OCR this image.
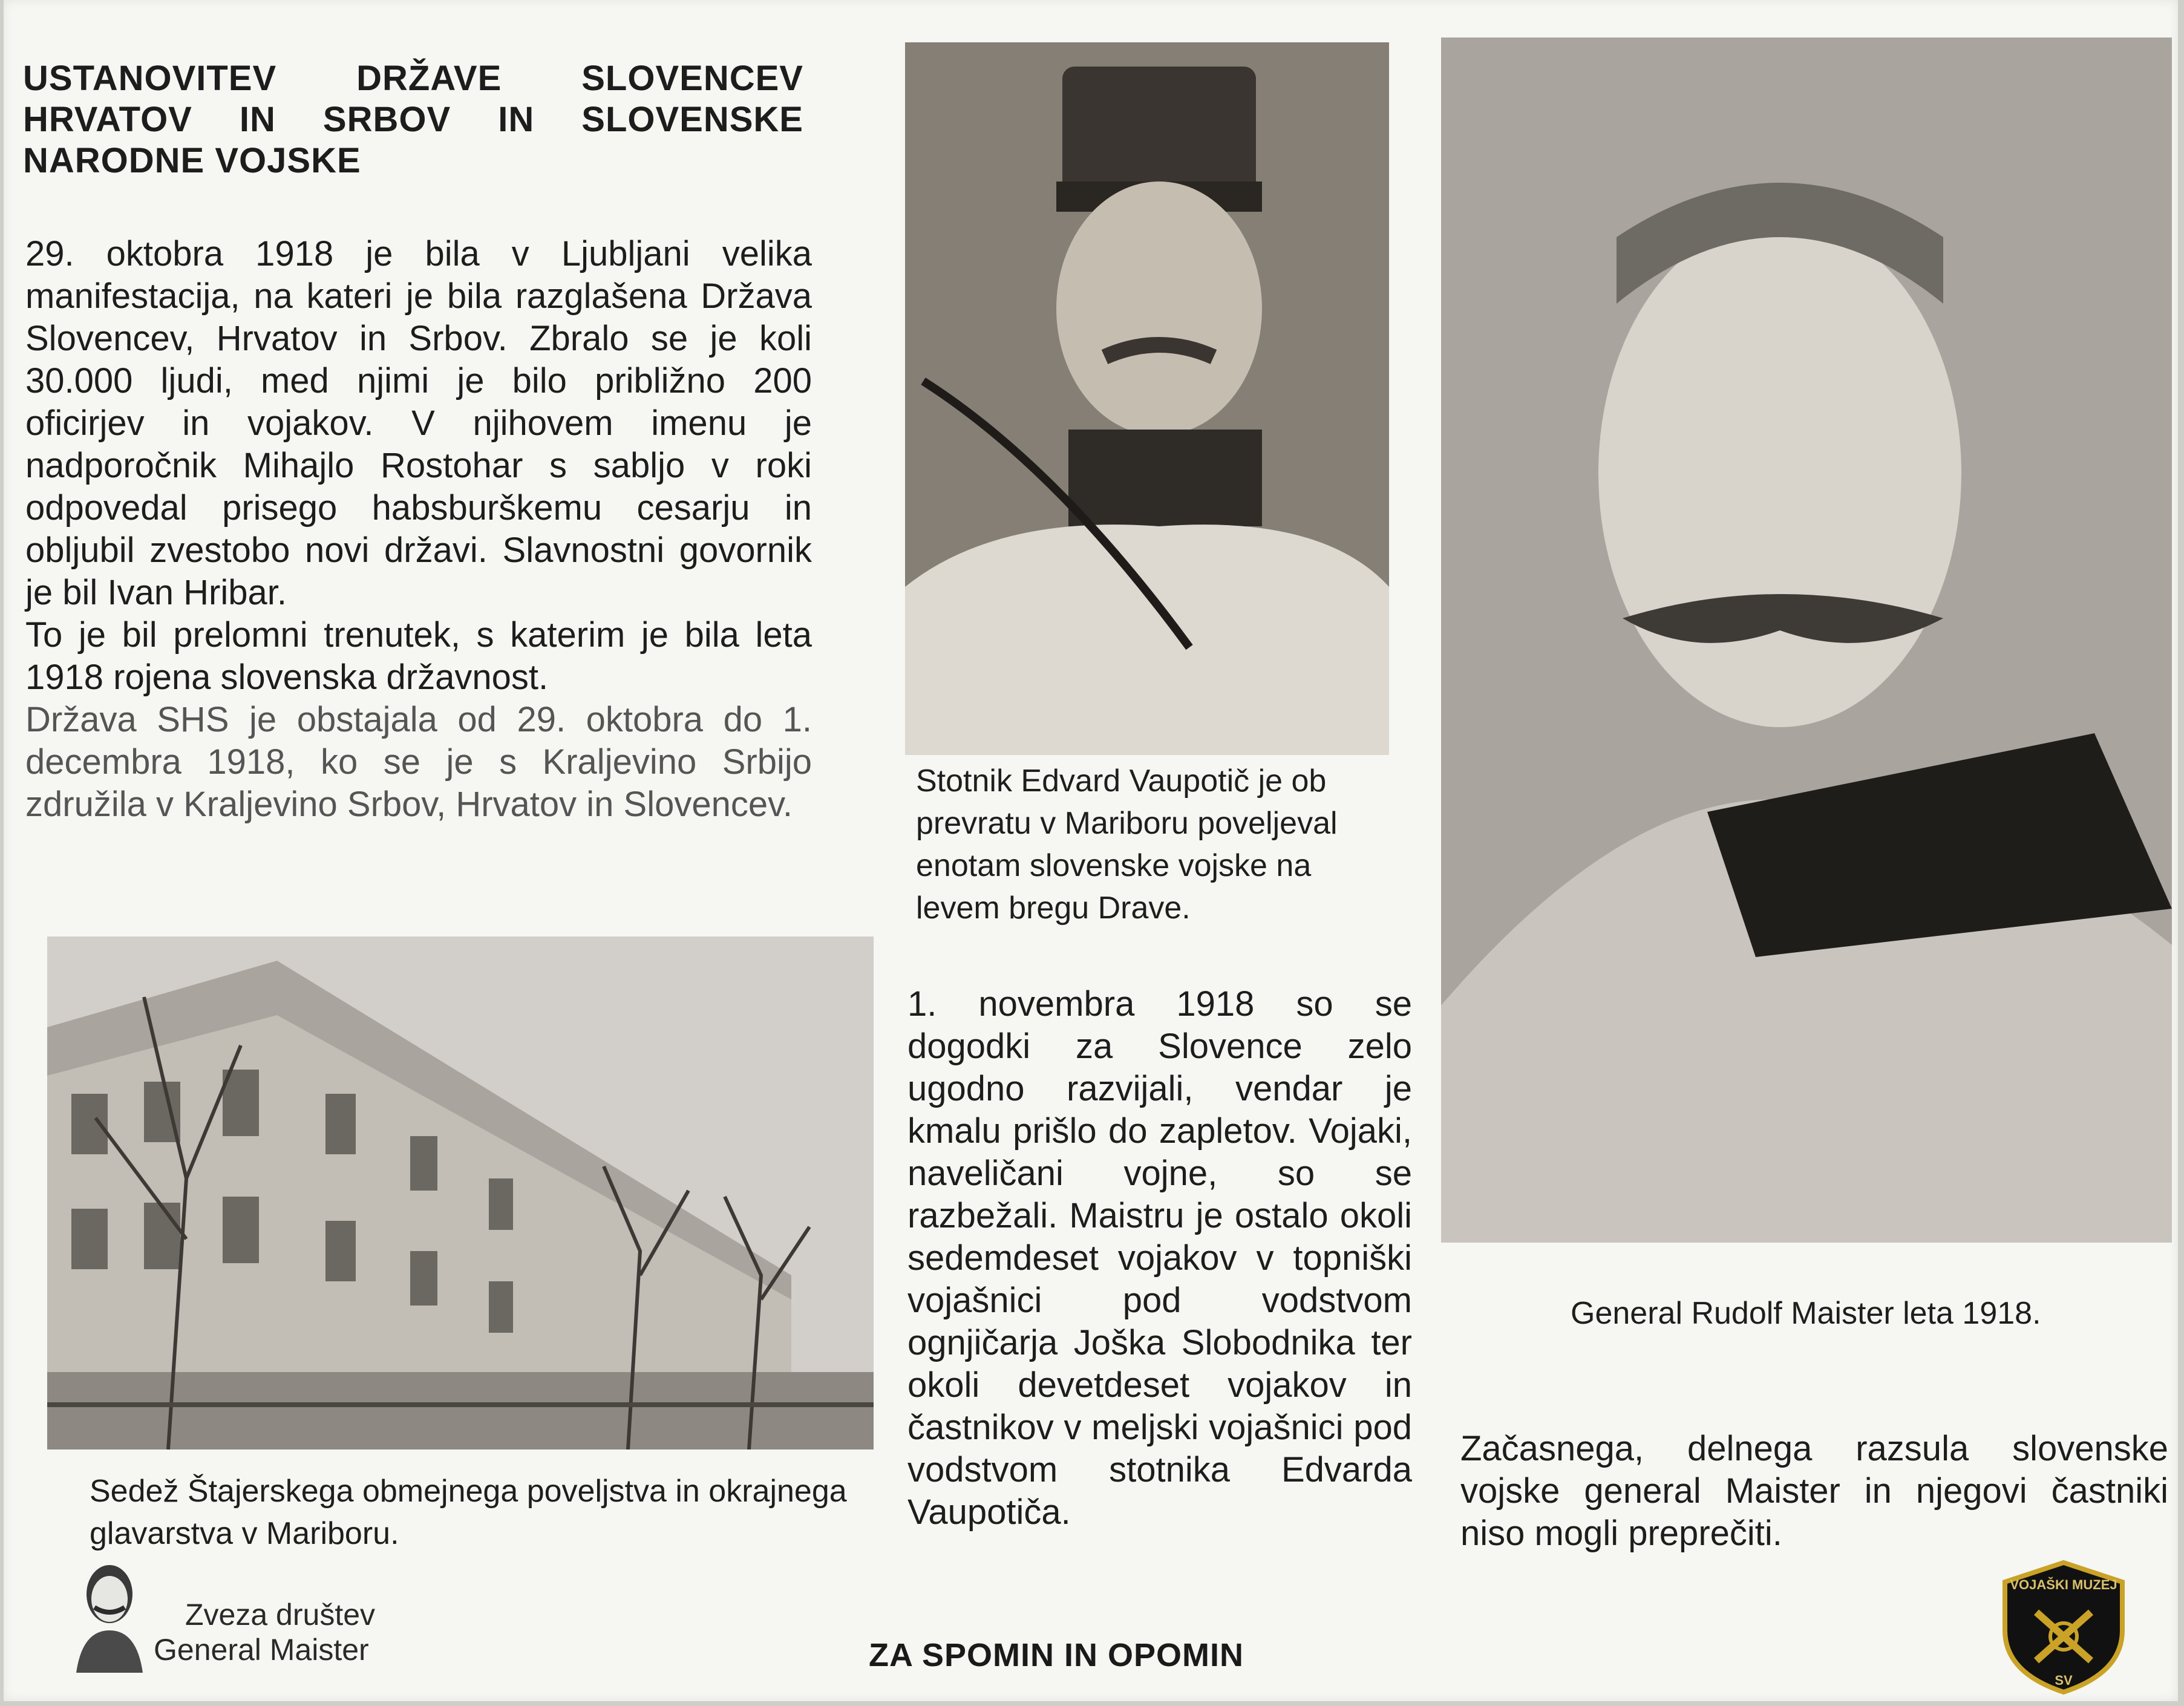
USTANOVITEV DRŽAVE SLOVENCEV
HRVATOV IN SRBOV IN SLOVENSKE
NARODNE VOJSKE

29. oktobra 1918 je bila v Ljubljani velika manifestacija, na kateri je bila razglašena Država Slovencev, Hrvatov in Srbov. Zbralo se je koli 30.000 ljudi, med njimi je bilo približno 200 oficirjev in vojakov. V njihovem imenu je nadporočnik Mihajlo Rostohar s sabljo v roki odpovedal prisego habsburškemu cesarju in obljubil zvestobo novi državi. Slavnostni govornik je bil Ivan Hribar.

To je bil prelomni trenutek, s katerim je bila leta 1918 rojena slovenska državnost.

Država SHS je obstajala od 29. oktobra do 1. decembra 1918, ko se je s Kraljevino Srbijo združila v Kraljevino Srbov, Hrvatov in Slovencev.

Sedež Štajerskega obmejnega poveljstva in okrajnega glavarstva v Mariboru.
Zveza društev
General Maister
Stotnik Edvard Vaupotič je ob prevratu v Mariboru poveljeval enotam slovenske vojske na levem bregu Drave.

1. novembra 1918 so se dogodki za Slovence zelo ugodno razvijali, vendar je kmalu prišlo do zapletov. Vojaki, naveličani vojne, so se razbežali. Maistru je ostalo okoli sedemdeset vojakov v topniški vojašnici pod vodstvom ognjičarja Joška Slobodnika ter okoli devetdeset vojakov in častnikov v meljski vojašnici pod vodstvom stotnika Edvarda Vaupotiča.

General Rudolf Maister leta 1918.

Začasnega, delnega razsula slovenske vojske general Maister in njegovi častniki niso mogli preprečiti.

ZA SPOMIN IN OPOMIN
VOJAŠKI MUZEJ
SV
